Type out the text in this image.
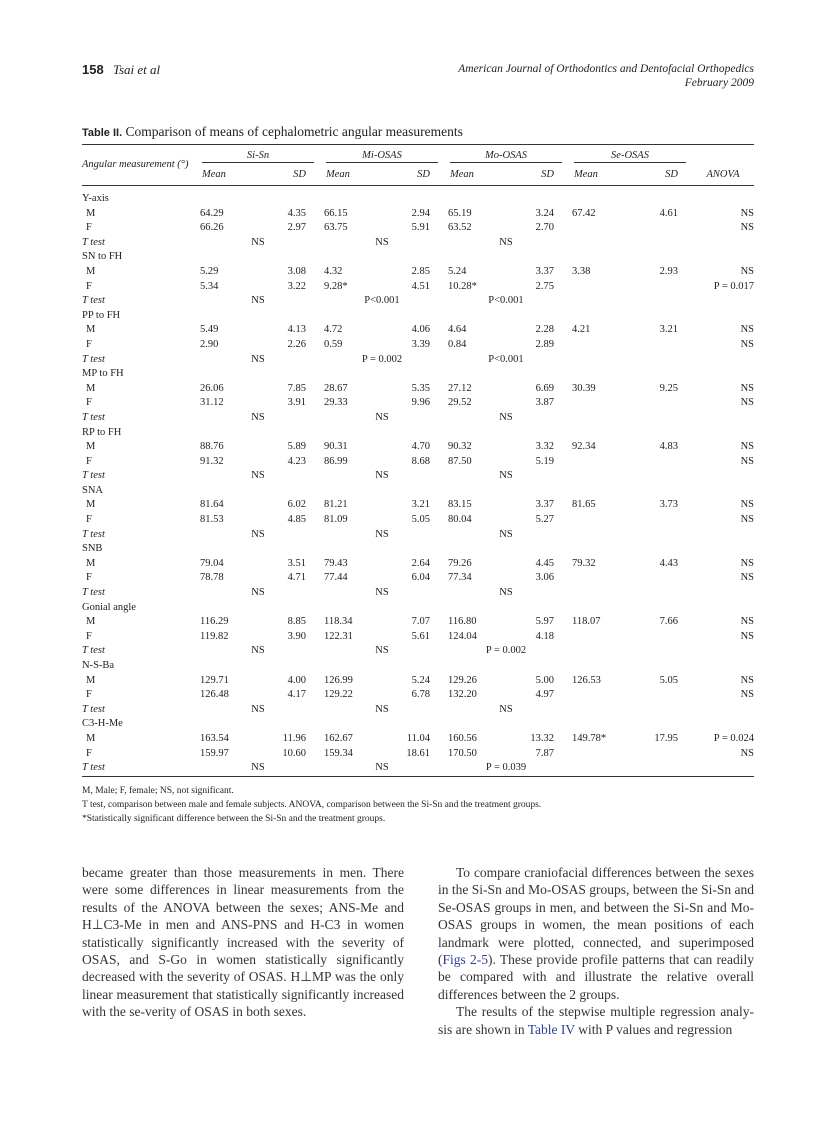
158 Tsai et al	American Journal of Orthodontics and Dentofacial Orthopedics
February 2009
Table II. Comparison of means of cephalometric angular measurements
Angular measurement (°)	Si-Sn		Mi-OSAS		Mo-OSAS		Se-OSAS		
	Mean	SD	Mean	SD	Mean	SD	Mean	SD	ANOVA
Y-axis									
M	64.29	4.35	66.15	2.94	65.19	3.24	67.42	4.61	NS
F	66.26	2.97	63.75	5.91	63.52	2.70			NS
T test	NS		NS		NS				
SN to FH									
M	5.29	3.08	4.32	2.85	5.24	3.37	3.38	2.93	NS
F	5.34	3.22	9.28*	4.51	10.28*	2.75			P = 0.017
T test	NS		P<0.001		P<0.001				
PP to FH									
M	5.49	4.13	4.72	4.06	4.64	2.28	4.21	3.21	NS
F	2.90	2.26	0.59	3.39	0.84	2.89			NS
T test	NS		P = 0.002		P<0.001				
MP to FH									
M	26.06	7.85	28.67	5.35	27.12	6.69	30.39	9.25	NS
F	31.12	3.91	29.33	9.96	29.52	3.87			NS
T test	NS		NS		NS				
RP to FH									
M	88.76	5.89	90.31	4.70	90.32	3.32	92.34	4.83	NS
F	91.32	4.23	86.99	8.68	87.50	5.19			NS
T test	NS		NS		NS				
SNA									
M	81.64	6.02	81.21	3.21	83.15	3.37	81.65	3.73	NS
F	81.53	4.85	81.09	5.05	80.04	5.27			NS
T test	NS		NS		NS				
SNB									
M	79.04	3.51	79.43	2.64	79.26	4.45	79.32	4.43	NS
F	78.78	4.71	77.44	6.04	77.34	3.06			NS
T test	NS		NS		NS				
Gonial angle									
M	116.29	8.85	118.34	7.07	116.80	5.97	118.07	7.66	NS
F	119.82	3.90	122.31	5.61	124.04	4.18			NS
T test	NS		NS		P = 0.002				
N-S-Ba									
M	129.71	4.00	126.99	5.24	129.26	5.00	126.53	5.05	NS
F	126.48	4.17	129.22	6.78	132.20	4.97			NS
T test	NS		NS		NS				
C3-H-Me									
M	163.54	11.96	162.67	11.04	160.56	13.32	149.78*	17.95	P = 0.024
F	159.97	10.60	159.34	18.61	170.50	7.87			NS
T test	NS		NS		P = 0.039				
M, Male; F, female; NS, not significant.
T test, comparison between male and female subjects. ANOVA, comparison between the Si-Sn and the treatment groups.
*Statistically significant difference between the Si-Sn and the treatment groups.

became greater than those measurements in men. There were some differences in linear measurements from the results of the ANOVA between the sexes; ANS-Me and H⊥C3-Me in men and ANS-PNS and H-C3 in women statistically significantly increased with the severity of OSAS, and S-Go in women statistically significantly decreased with the severity of OSAS. H⊥MP was the only linear measurement that statistically significantly increased with the se-verity of OSAS in both sexes.

To compare craniofacial differences between the sexes in the Si-Sn and Mo-OSAS groups, between the Si-Sn and Se-OSAS groups in men, and between the Si-Sn and Mo-OSAS groups in women, the mean positions of each landmark were plotted, connected, and superimposed (Figs 2-5). These provide profile patterns that can readily be compared with and illustrate the relative overall differences between the 2 groups.

The results of the stepwise multiple regression analy-sis are shown in Table IV with P values and regression
